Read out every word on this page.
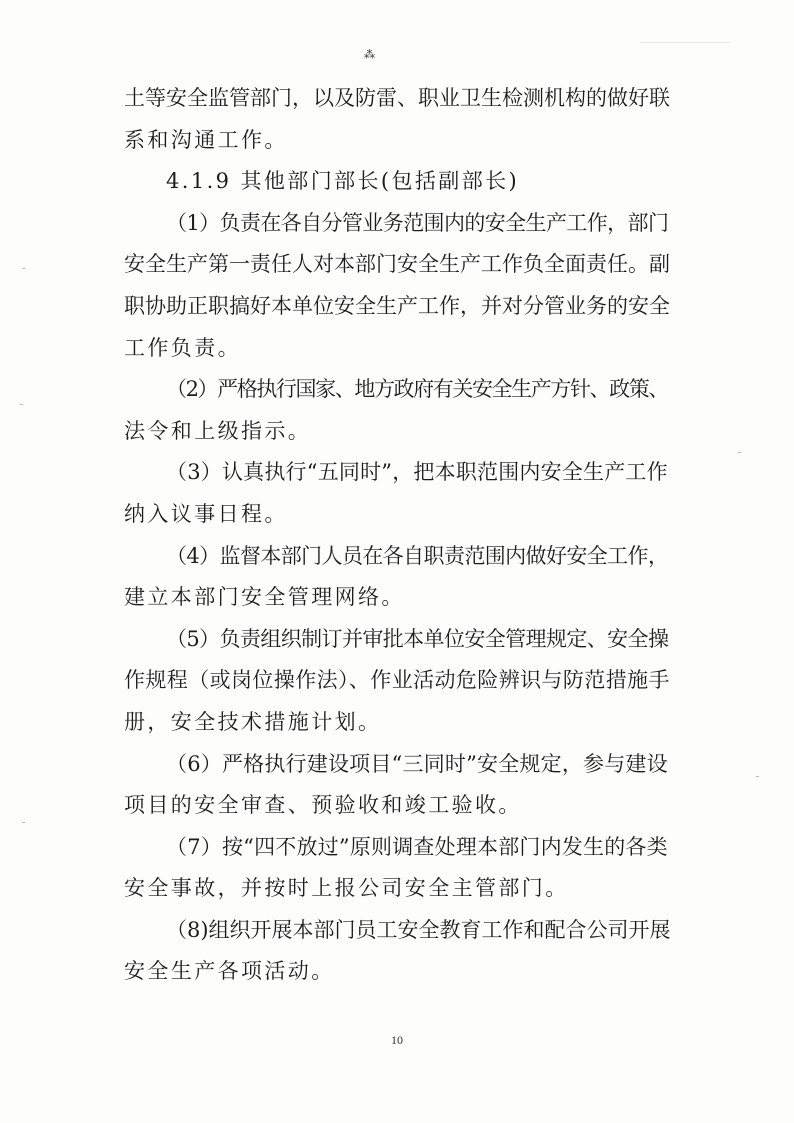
⁂
土等安全监管部门，以及防雷、职业卫生检测机构的做好联
系和沟通工作。
4.1.9 其他部门部长(包括副部长)
（1）负责在各自分管业务范围内的安全生产工作，部门
安全生产第一责任人对本部门安全生产工作负全面责任。副
职协助正职搞好本单位安全生产工作，并对分管业务的安全
工作负责。
（2）严格执行国家、地方政府有关安全生产方针、政策、
法令和上级指示。
（3）认真执行“五同时”，把本职范围内安全生产工作
纳入议事日程。
（4）监督本部门人员在各自职责范围内做好安全工作，
建立本部门安全管理网络。
（5）负责组织制订并审批本单位安全管理规定、安全操
作规程（或岗位操作法）、作业活动危险辨识与防范措施手
册，安全技术措施计划。
（6）严格执行建设项目“三同时”安全规定，参与建设
项目的安全审查、预验收和竣工验收。
（7）按“四不放过”原则调查处理本部门内发生的各类
安全事故，并按时上报公司安全主管部门。
（8)组织开展本部门员工安全教育工作和配合公司开展
安全生产各项活动。
10
